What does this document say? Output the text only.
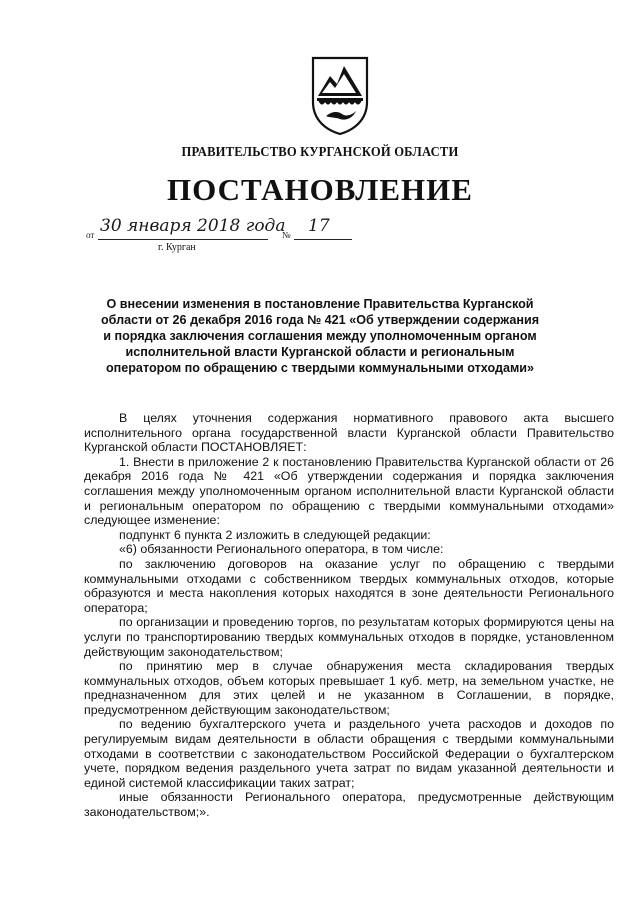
ПРАВИТЕЛЬСТВО КУРГАНСКОЙ ОБЛАСТИ
ПОСТАНОВЛЕНИЕ
от 30 января 2018 года
№ 17
г. Курган
О внесении изменения в постановление Правительства Курганской области от 26 декабря 2016 года № 421 «Об утверждении содержания и порядка заключения соглашения между уполномоченным органом исполнительной власти Курганской области и региональным оператором по обращению с твердыми коммунальными отходами»

В целях уточнения содержания нормативного правового акта высшего исполнительного органа государственной власти Курганской области Правительство Курганской области ПОСТАНОВЛЯЕТ:

1. Внести в приложение 2 к постановлению Правительства Курганской области от 26 декабря 2016 года № 421 «Об утверждении содержания и порядка заключения соглашения между уполномоченным органом исполнительной власти Курганской области и региональным оператором по обращению с твердыми коммунальными отходами» следующее изменение:

подпункт 6 пункта 2 изложить в следующей редакции:

«6) обязанности Регионального оператора, в том числе:

по заключению договоров на оказание услуг по обращению с твердыми коммунальными отходами с собственником твердых коммунальных отходов, которые образуются и места накопления которых находятся в зоне деятельности Регионального оператора;

по организации и проведению торгов, по результатам которых формируются цены на услуги по транспортированию твердых коммунальных отходов в порядке, установленном действующим законодательством;

по принятию мер в случае обнаружения места складирования твердых коммунальных отходов, объем которых превышает 1 куб. метр, на земельном участке, не предназначенном для этих целей и не указанном в Соглашении, в порядке, предусмотренном действующим законодательством;

по ведению бухгалтерского учета и раздельного учета расходов и доходов по регулируемым видам деятельности в области обращения с твердыми коммунальными отходами в соответствии с законодательством Российской Федерации о бухгалтерском учете, порядком ведения раздельного учета затрат по видам указанной деятельности и единой системой классификации таких затрат;

иные обязанности Регионального оператора, предусмотренные действующим законодательством;».
